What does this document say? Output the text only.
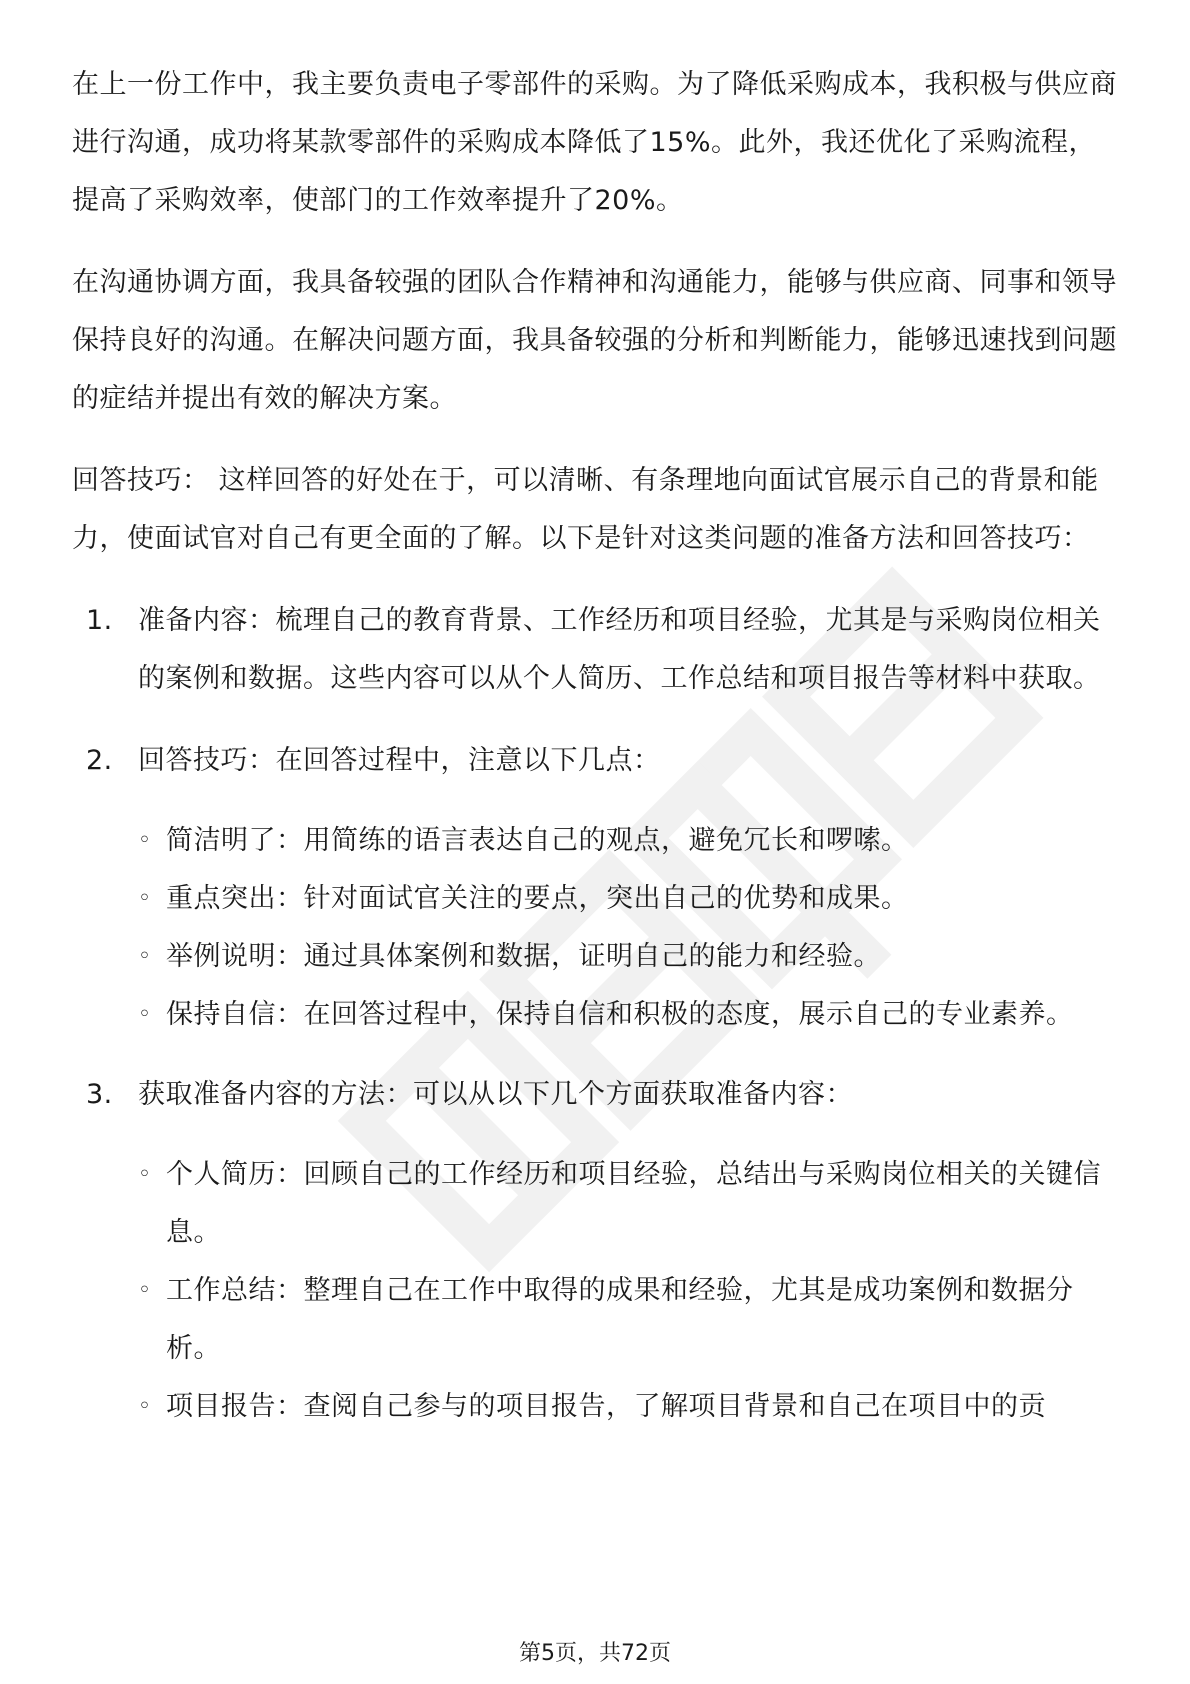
在上一份工作中，我主要负责电子零部件的采购。为了降低采购成本，我积极与供应商进行沟通，成功将某款零部件的采购成本降低了15%。此外，我还优化了采购流程，提高了采购效率，使部门的工作效率提升了20%。

在沟通协调方面，我具备较强的团队合作精神和沟通能力，能够与供应商、同事和领导保持良好的沟通。在解决问题方面，我具备较强的分析和判断能力，能够迅速找到问题的症结并提出有效的解决方案。

回答技巧： 这样回答的好处在于，可以清晰、有条理地向面试官展示自己的背景和能力，使面试官对自己有更全面的了解。以下是针对这类问题的准备方法和回答技巧：

1. 准备内容：梳理自己的教育背景、工作经历和项目经验，尤其是与采购岗位相关的案例和数据。这些内容可以从个人简历、工作总结和项目报告等材料中获取。
2. 回答技巧：在回答过程中，注意以下几点：
◦ 简洁明了：用简练的语言表达自己的观点，避免冗长和啰嗦。
◦ 重点突出：针对面试官关注的要点，突出自己的优势和成果。
◦ 举例说明：通过具体案例和数据，证明自己的能力和经验。
◦ 保持自信：在回答过程中，保持自信和积极的态度，展示自己的专业素养。
3. 获取准备内容的方法：可以从以下几个方面获取准备内容：
◦ 个人简历：回顾自己的工作经历和项目经验，总结出与采购岗位相关的关键信息。
◦ 工作总结：整理自己在工作中取得的成果和经验，尤其是成功案例和数据分析。
◦ 项目报告：查阅自己参与的项目报告，了解项目背景和自己在项目中的贡
第5页，共72页
